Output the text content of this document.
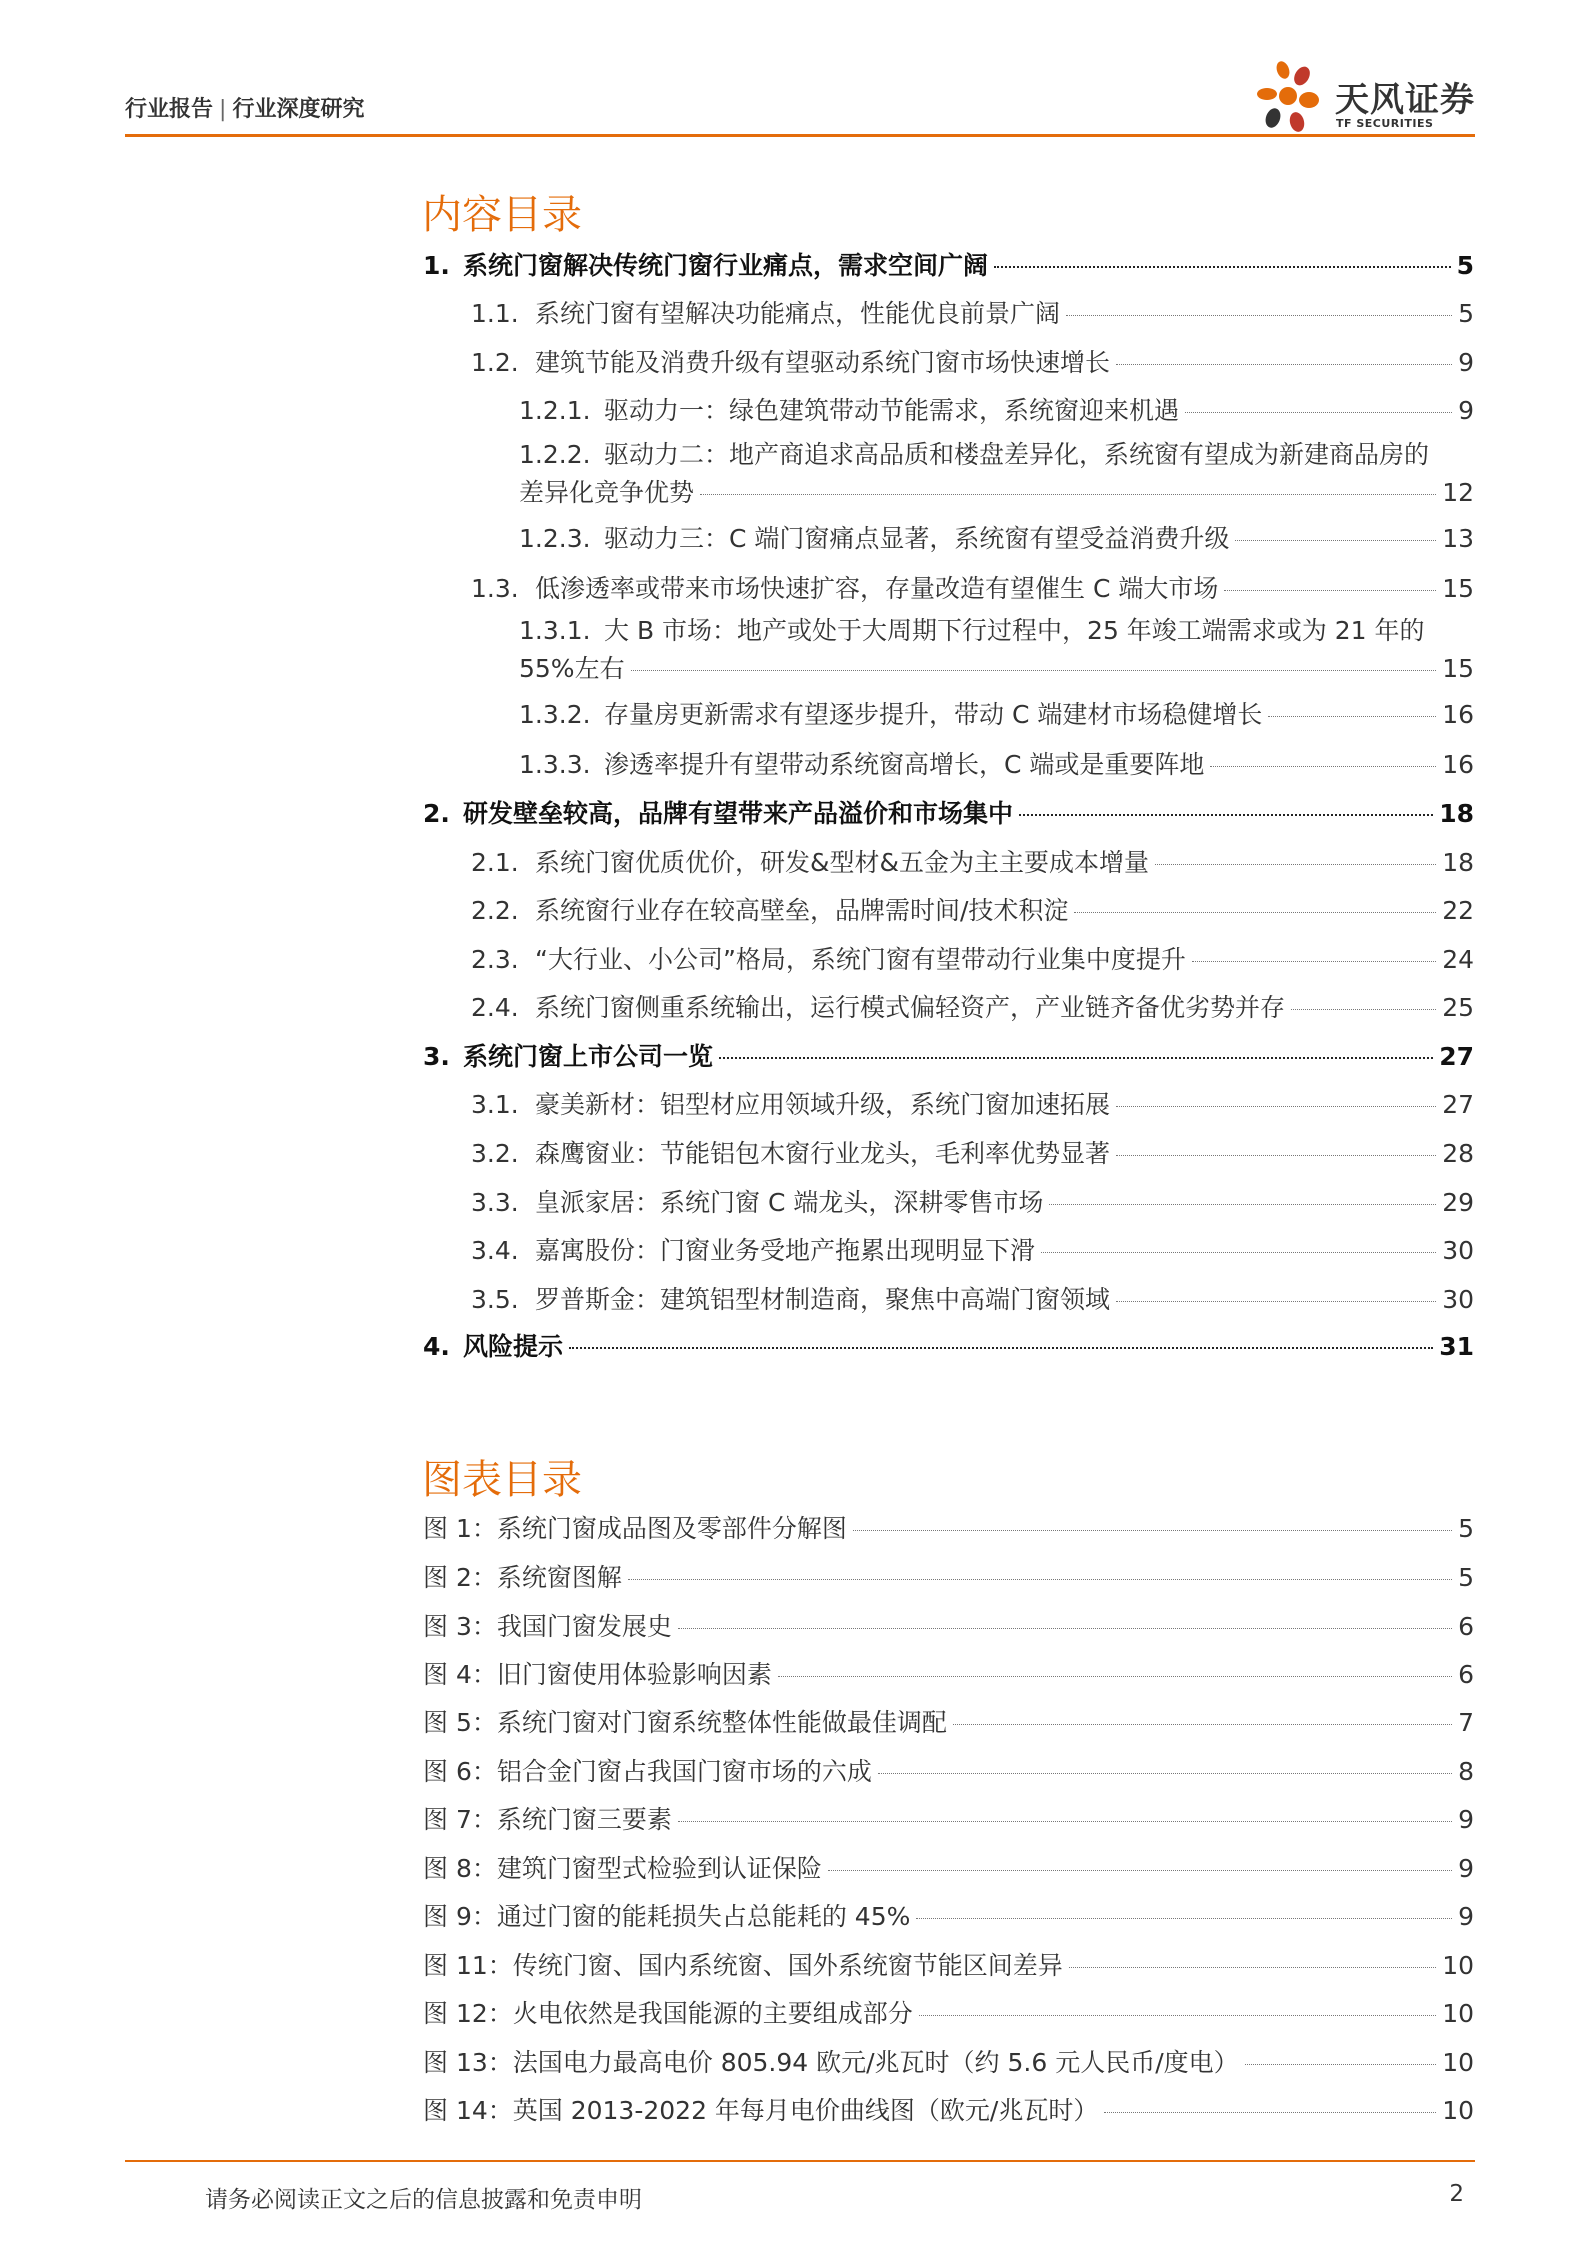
行业报告 | 行业深度研究	天风证券
TF SECURITIES
内容目录
1. 系统门窗解决传统门窗行业痛点，需求空间广阔	5
1.1. 系统门窗有望解决功能痛点，性能优良前景广阔	5
1.2. 建筑节能及消费升级有望驱动系统门窗市场快速增长	9
1.2.1. 驱动力一：绿色建筑带动节能需求，系统窗迎来机遇	9
1.2.2. 驱动力二：地产商追求高品质和楼盘差异化，系统窗有望成为新建商品房的
差异化竞争优势	12
1.2.3. 驱动力三：C 端门窗痛点显著，系统窗有望受益消费升级	13
1.3. 低渗透率或带来市场快速扩容，存量改造有望催生 C 端大市场	15
1.3.1. 大 B 市场：地产或处于大周期下行过程中，25 年竣工端需求或为 21 年的
55%左右	15
1.3.2. 存量房更新需求有望逐步提升，带动 C 端建材市场稳健增长	16
1.3.3. 渗透率提升有望带动系统窗高增长，C 端或是重要阵地	16
2. 研发壁垒较高，品牌有望带来产品溢价和市场集中	18
2.1. 系统门窗优质优价，研发&型材&五金为主主要成本增量	18
2.2. 系统窗行业存在较高壁垒，品牌需时间/技术积淀	22
2.3. “大行业、小公司”格局，系统门窗有望带动行业集中度提升	24
2.4. 系统门窗侧重系统输出，运行模式偏轻资产，产业链齐备优劣势并存	25
3. 系统门窗上市公司一览	27
3.1. 豪美新材：铝型材应用领域升级，系统门窗加速拓展	27
3.2. 森鹰窗业：节能铝包木窗行业龙头，毛利率优势显著	28
3.3. 皇派家居：系统门窗 C 端龙头，深耕零售市场	29
3.4. 嘉寓股份：门窗业务受地产拖累出现明显下滑	30
3.5. 罗普斯金：建筑铝型材制造商，聚焦中高端门窗领域	30
4. 风险提示	31
图表目录
图 1：系统门窗成品图及零部件分解图	5
图 2：系统窗图解	5
图 3：我国门窗发展史	6
图 4：旧门窗使用体验影响因素	6
图 5：系统门窗对门窗系统整体性能做最佳调配	7
图 6：铝合金门窗占我国门窗市场的六成	8
图 7：系统门窗三要素	9
图 8：建筑门窗型式检验到认证保险	9
图 9：通过门窗的能耗损失占总能耗的 45%	9
图 11：传统门窗、国内系统窗、国外系统窗节能区间差异	10
图 12：火电依然是我国能源的主要组成部分	10
图 13：法国电力最高电价 805.94 欧元/兆瓦时（约 5.6 元人民币/度电）	10
图 14：英国 2013-2022 年每月电价曲线图（欧元/兆瓦时）	10
请务必阅读正文之后的信息披露和免责申明	2
